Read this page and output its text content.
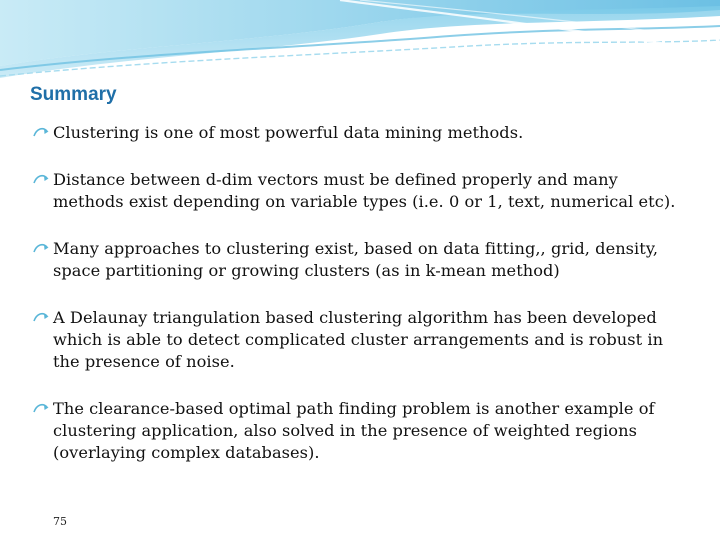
Summary
Clustering is one of most powerful data mining methods.
Distance between d-dim vectors must be defined properly and many methods exist depending on variable types (i.e. 0 or 1, text, numerical etc).
Many approaches to clustering exist, based on data fitting,, grid, density, space partitioning or growing clusters (as in k-mean method)
A Delaunay triangulation based clustering algorithm has been developed which is able to detect complicated cluster arrangements and is robust in the presence of noise.
The clearance-based optimal path finding problem is another example of clustering application, also solved in the presence of weighted regions (overlaying complex databases).
75
